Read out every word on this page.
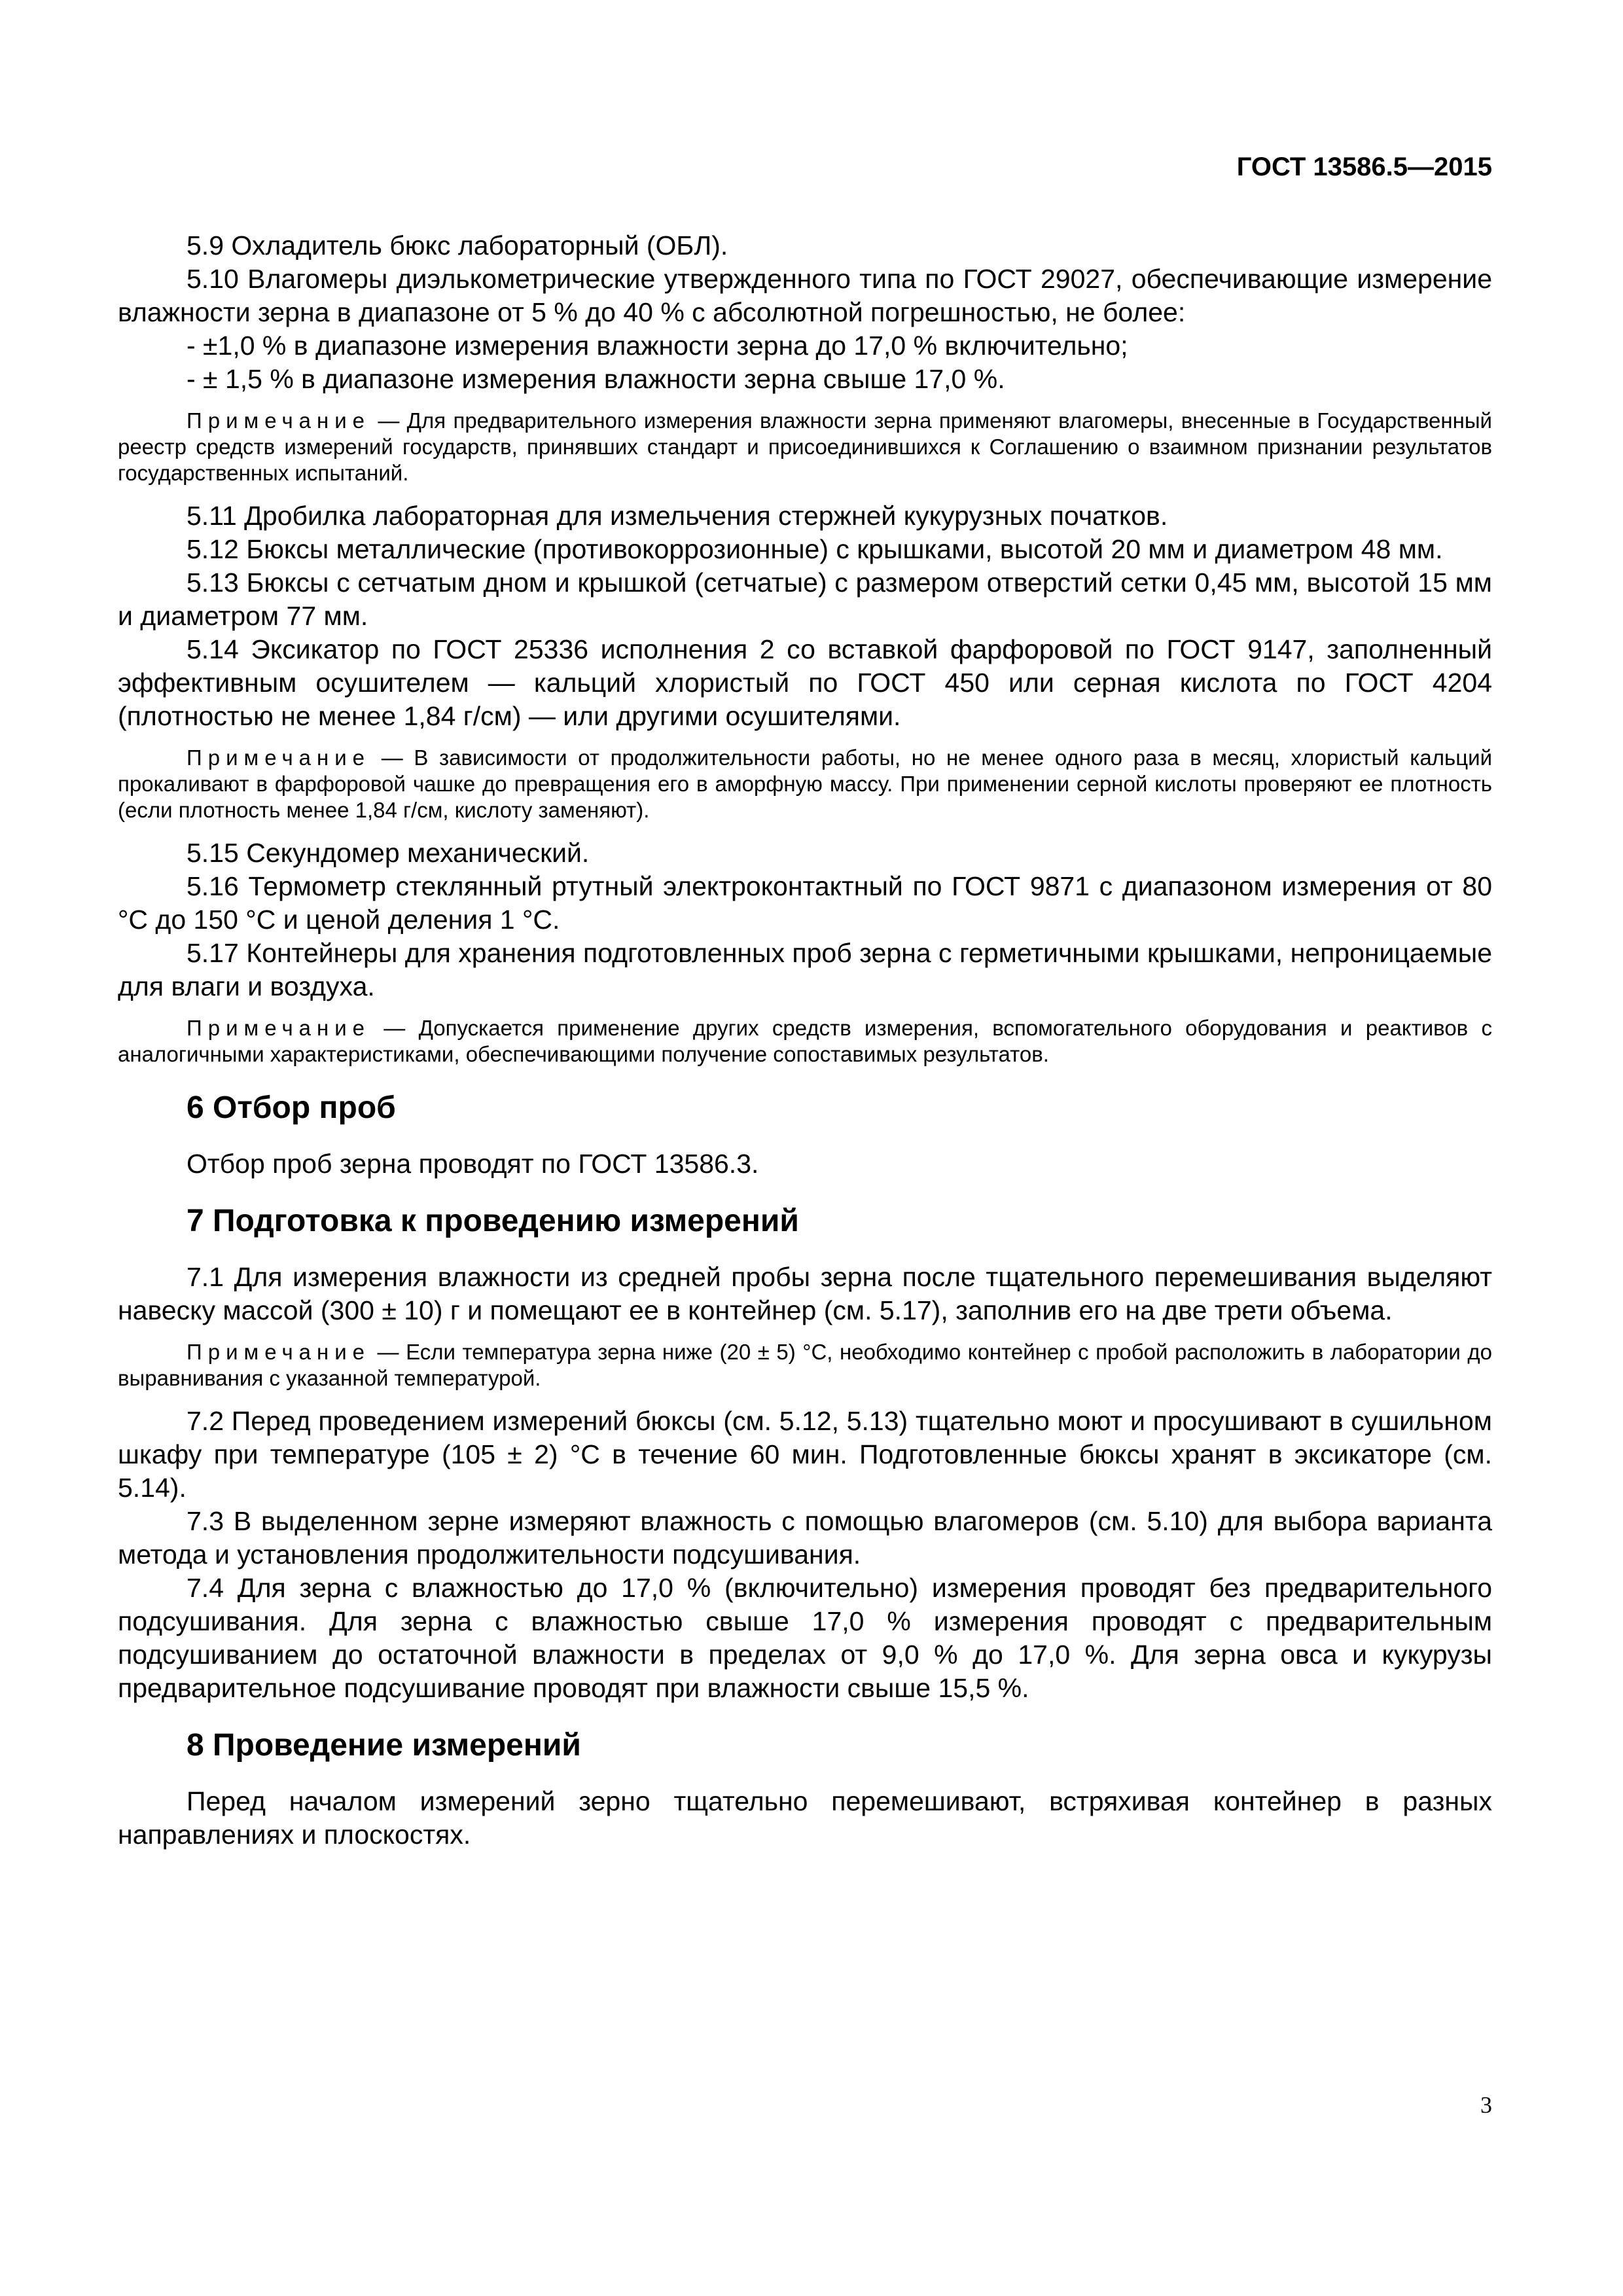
ГОСТ 13586.5—2015
5.9 Охладитель бюкс лабораторный (ОБЛ).
5.10 Влагомеры диэлькометрические утвержденного типа по ГОСТ 29027, обеспечивающие измерение влажности зерна в диапазоне от 5 % до 40 % с абсолютной погрешностью, не более:
- ±1,0 % в диапазоне измерения влажности зерна до 17,0 % включительно;
- ± 1,5 % в диапазоне измерения влажности зерна свыше 17,0 %.
Примечание — Для предварительного измерения влажности зерна применяют влагомеры, внесенные в Государственный реестр средств измерений государств, принявших стандарт и присоединившихся к Соглашению о взаимном признании результатов государственных испытаний.
5.11 Дробилка лабораторная для измельчения стержней кукурузных початков.
5.12 Бюксы металлические (противокоррозионные) с крышками, высотой 20 мм и диаметром 48 мм.
5.13 Бюксы с сетчатым дном и крышкой (сетчатые) с размером отверстий сетки 0,45 мм, высотой 15 мм и диаметром 77 мм.
5.14 Эксикатор по ГОСТ 25336 исполнения 2 со вставкой фарфоровой по ГОСТ 9147, заполненный эффективным осушителем — кальций хлористый по ГОСТ 450 или серная кислота по ГОСТ 4204 (плотностью не менее 1,84 г/см) — или другими осушителями.
Примечание — В зависимости от продолжительности работы, но не менее одного раза в месяц, хлористый кальций прокаливают в фарфоровой чашке до превращения его в аморфную массу. При применении серной кислоты проверяют ее плотность (если плотность менее 1,84 г/см, кислоту заменяют).
5.15 Секундомер механический.
5.16 Термометр стеклянный ртутный электроконтактный по ГОСТ 9871 с диапазоном измерения от 80 °С до 150 °С и ценой деления 1 °С.
5.17 Контейнеры для хранения подготовленных проб зерна с герметичными крышками, непроницаемые для влаги и воздуха.
Примечание — Допускается применение других средств измерения, вспомогательного оборудования и реактивов с аналогичными характеристиками, обеспечивающими получение сопоставимых результатов.
6 Отбор проб
Отбор проб зерна проводят по ГОСТ 13586.3.
7 Подготовка к проведению измерений
7.1 Для измерения влажности из средней пробы зерна после тщательного перемешивания выделяют навеску массой (300 ± 10) г и помещают ее в контейнер (см. 5.17), заполнив его на две трети объема.
Примечание — Если температура зерна ниже (20 ± 5) °С, необходимо контейнер с пробой расположить в лаборатории до выравнивания с указанной температурой.
7.2 Перед проведением измерений бюксы (см. 5.12, 5.13) тщательно моют и просушивают в сушильном шкафу при температуре (105 ± 2) °С в течение 60 мин. Подготовленные бюксы хранят в эксикаторе (см. 5.14).
7.3 В выделенном зерне измеряют влажность с помощью влагомеров (см. 5.10) для выбора варианта метода и установления продолжительности подсушивания.
7.4 Для зерна с влажностью до 17,0 % (включительно) измерения проводят без предварительного подсушивания. Для зерна с влажностью свыше 17,0 % измерения проводят с предварительным подсушиванием до остаточной влажности в пределах от 9,0 % до 17,0 %. Для зерна овса и кукурузы предварительное подсушивание проводят при влажности свыше 15,5 %.
8 Проведение измерений
Перед началом измерений зерно тщательно перемешивают, встряхивая контейнер в разных направлениях и плоскостях.
3
